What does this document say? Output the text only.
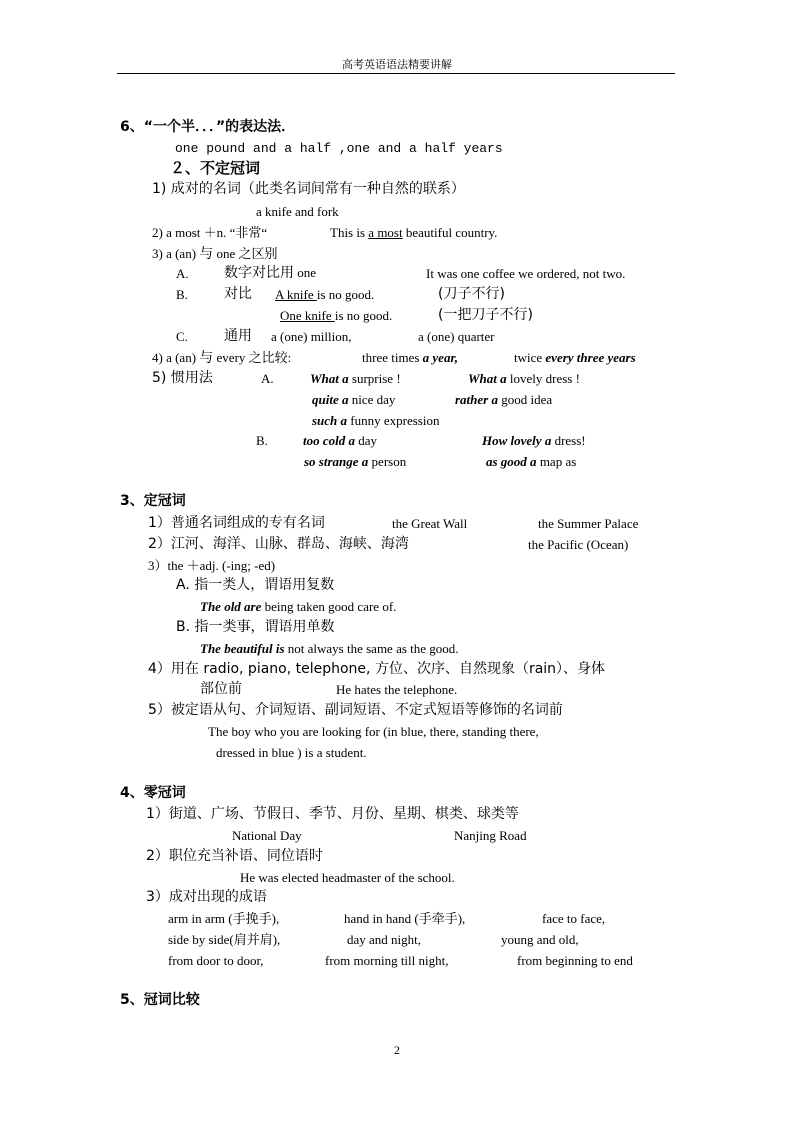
高考英语语法精要讲解
6、“一个半．．．”的表达法．
one pound and a half ,one and a half years
２、不定冠词
1) 成对的名词（此类名词间常有一种自然的联系）
a knife and fork
2) a most ＋n. “非常“	This is a most beautiful country.
3) a (an) 与 one 之区别
A.	数字对比用 one	It was one coffee we ordered, not two.
B.	对比 A knife is no good.	(刀子不行)
One knife is no good.	(一把刀子不行)
C.	通用 a (one) million,	a (one) quarter
4) a (an) 与 every 之比较:	three times a year,	twice every three years
5) 惯用法	A.	What a surprise !	What a lovely dress !
quite a nice day	rather a good idea
such a funny expression
B.	too cold a day	How lovely a dress!
so strange a person	as good a map as
3、定冠词
1）普通名词组成的专有名词	the Great Wall	the Summer Palace
2）江河、海洋、山脉、群岛、海峡、海湾	the Pacific (Ocean)
3）the ＋adj. (-ing; -ed)
A. 指一类人，谓语用复数
The old are being taken good care of.
B. 指一类事，谓语用单数
The beautiful is not always the same as the good.
4）用在 radio, piano, telephone, 方位、次序、自然现象（rain）、身体
部位前	He hates the telephone.
5）被定语从句、介词短语、副词短语、不定式短语等修饰的名词前
The boy who you are looking for (in blue, there, standing there,
dressed in blue ) is a student.
4、零冠词
1）街道、广场、节假日、季节、月份、星期、棋类、球类等
National Day	Nanjing Road
2）职位充当补语、同位语时
He was elected headmaster of the school.
3）成对出现的成语
arm in arm (手挽手),	hand in hand (手牵手),	face to face,
side by side(肩并肩),	day and night,	young and old,
from door to door,	from morning till night,	from beginning to end
5、冠词比较
2
